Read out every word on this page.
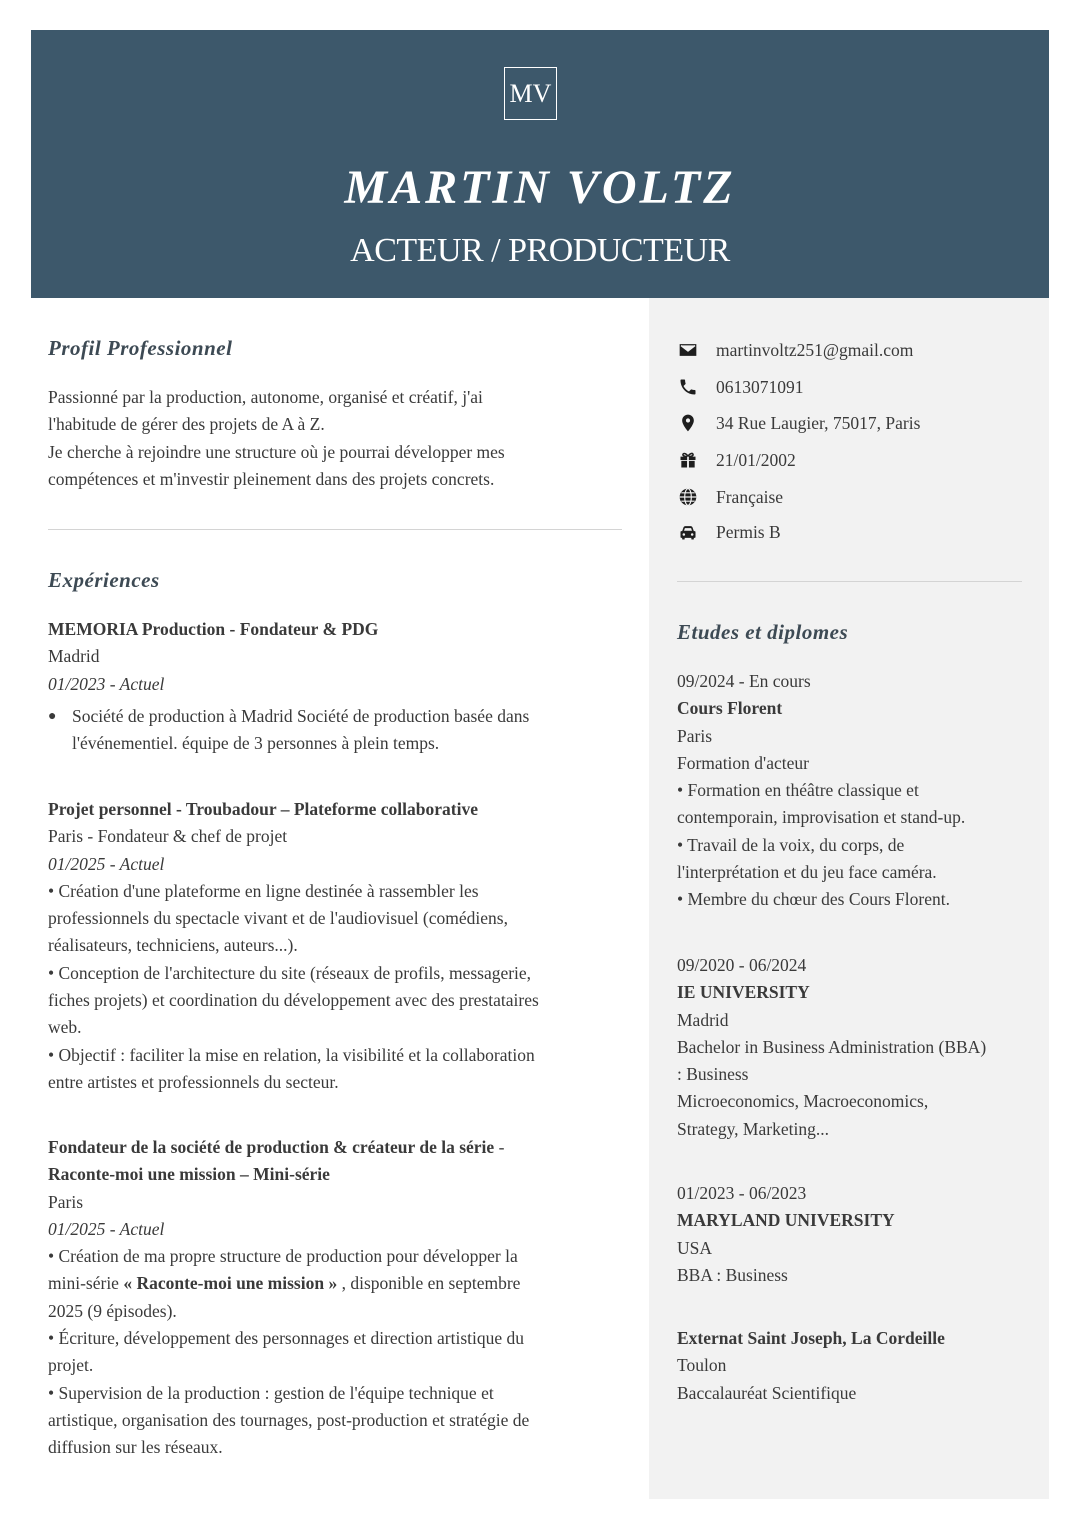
MV
MARTIN VOLTZ
ACTEUR / PRODUCTEUR
Profil Professionnel
Passionné par la production, autonome, organisé et créatif, j'ai
l'habitude de gérer des projets de A à Z.
Je cherche à rejoindre une structure où je pourrai développer mes
compétences et m'investir pleinement dans des projets concrets.
Expériences
MEMORIA Production - Fondateur & PDG
Madrid
01/2023 - Actuel
● Société de production à Madrid Société de production basée dans
l'événementiel. équipe de 3 personnes à plein temps.
Projet personnel - Troubadour – Plateforme collaborative
Paris - Fondateur & chef de projet
01/2025 - Actuel
• Création d'une plateforme en ligne destinée à rassembler les
professionnels du spectacle vivant et de l'audiovisuel (comédiens,
réalisateurs, techniciens, auteurs...).
• Conception de l'architecture du site (réseaux de profils, messagerie,
fiches projets) et coordination du développement avec des prestataires
web.
• Objectif : faciliter la mise en relation, la visibilité et la collaboration
entre artistes et professionnels du secteur.
Fondateur de la société de production & créateur de la série -
Raconte-moi une mission – Mini-série
Paris
01/2025 - Actuel
• Création de ma propre structure de production pour développer la
mini-série « Raconte-moi une mission » , disponible en septembre
2025 (9 épisodes).
• Écriture, développement des personnages et direction artistique du
projet.
• Supervision de la production : gestion de l'équipe technique et
artistique, organisation des tournages, post-production et stratégie de
diffusion sur les réseaux.
martinvoltz251@gmail.com
0613071091
34 Rue Laugier, 75017, Paris
21/01/2002
Française
Permis B
Etudes et diplomes
09/2024 - En cours
Cours Florent
Paris
Formation d'acteur
• Formation en théâtre classique et
contemporain, improvisation et stand-up.
• Travail de la voix, du corps, de
l'interprétation et du jeu face caméra.
• Membre du chœur des Cours Florent.
09/2020 - 06/2024
IE UNIVERSITY
Madrid
Bachelor in Business Administration (BBA)
: Business
Microeconomics, Macroeconomics,
Strategy, Marketing...
01/2023 - 06/2023
MARYLAND UNIVERSITY
USA
BBA : Business
Externat Saint Joseph, La Cordeille
Toulon
Baccalauréat Scientifique
